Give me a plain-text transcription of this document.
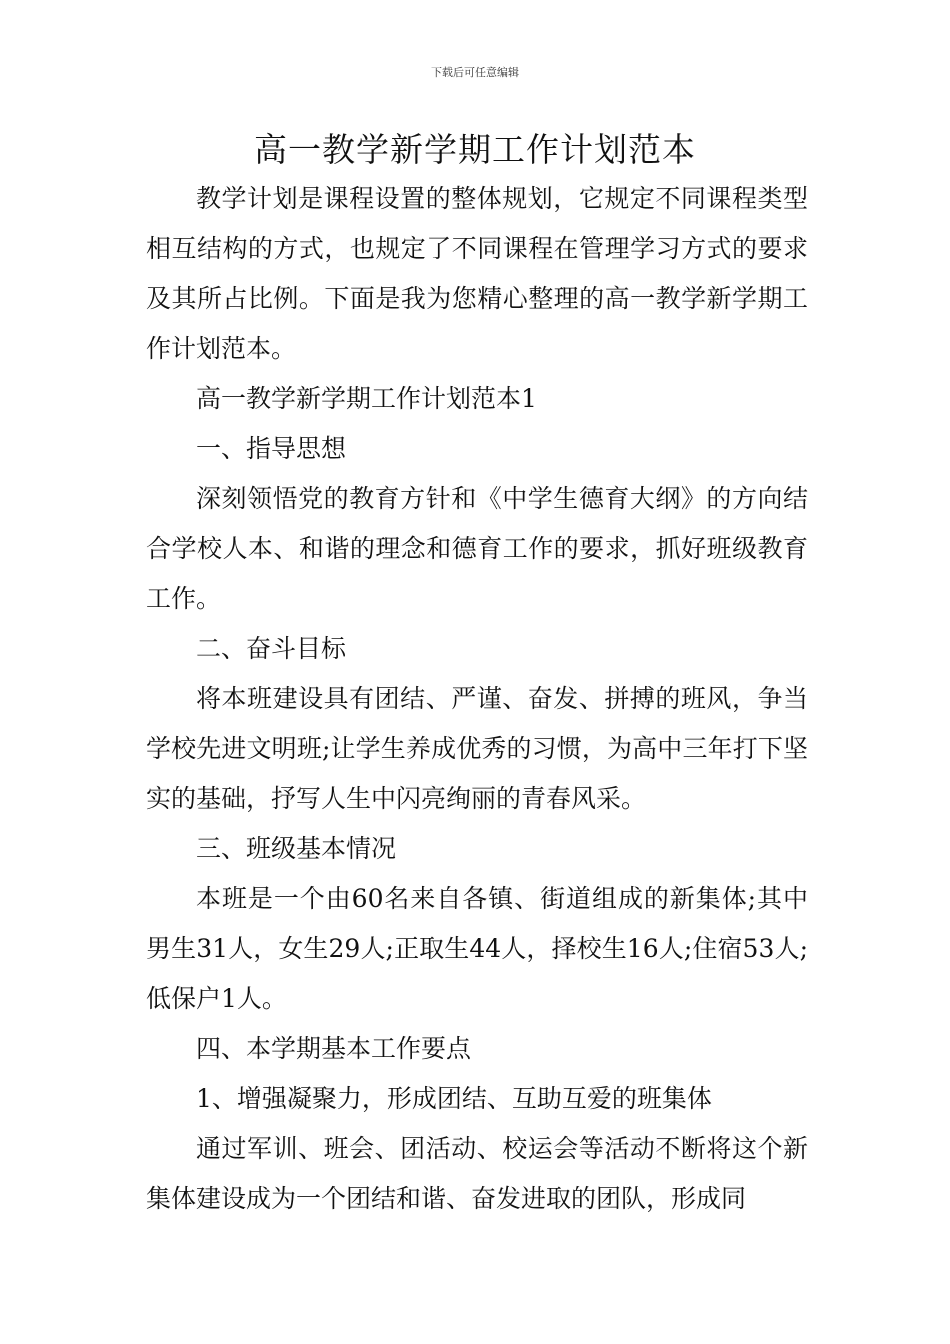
下载后可任意编辑
高一教学新学期工作计划范本

教学计划是课程设置的整体规划，它规定不同课程类型相互结构的方式，也规定了不同课程在管理学习方式的要求及其所占比例。下面是我为您精心整理的高一教学新学期工作计划范本。

高一教学新学期工作计划范本1

一、指导思想

深刻领悟党的教育方针和《中学生德育大纲》的方向结合学校人本、和谐的理念和德育工作的要求，抓好班级教育工作。

二、奋斗目标

将本班建设具有团结、严谨、奋发、拼搏的班风，争当学校先进文明班;让学生养成优秀的习惯，为高中三年打下坚实的基础，抒写人生中闪亮绚丽的青春风采。

三、班级基本情况

本班是一个由60名来自各镇、街道组成的新集体;其中男生31人，女生29人;正取生44人，择校生16人;住宿53人;低保户1人。

四、本学期基本工作要点

1、增强凝聚力，形成团结、互助互爱的班集体

通过军训、班会、团活动、校运会等活动不断将这个新集体建设成为一个团结和谐、奋发进取的团队，形成同
